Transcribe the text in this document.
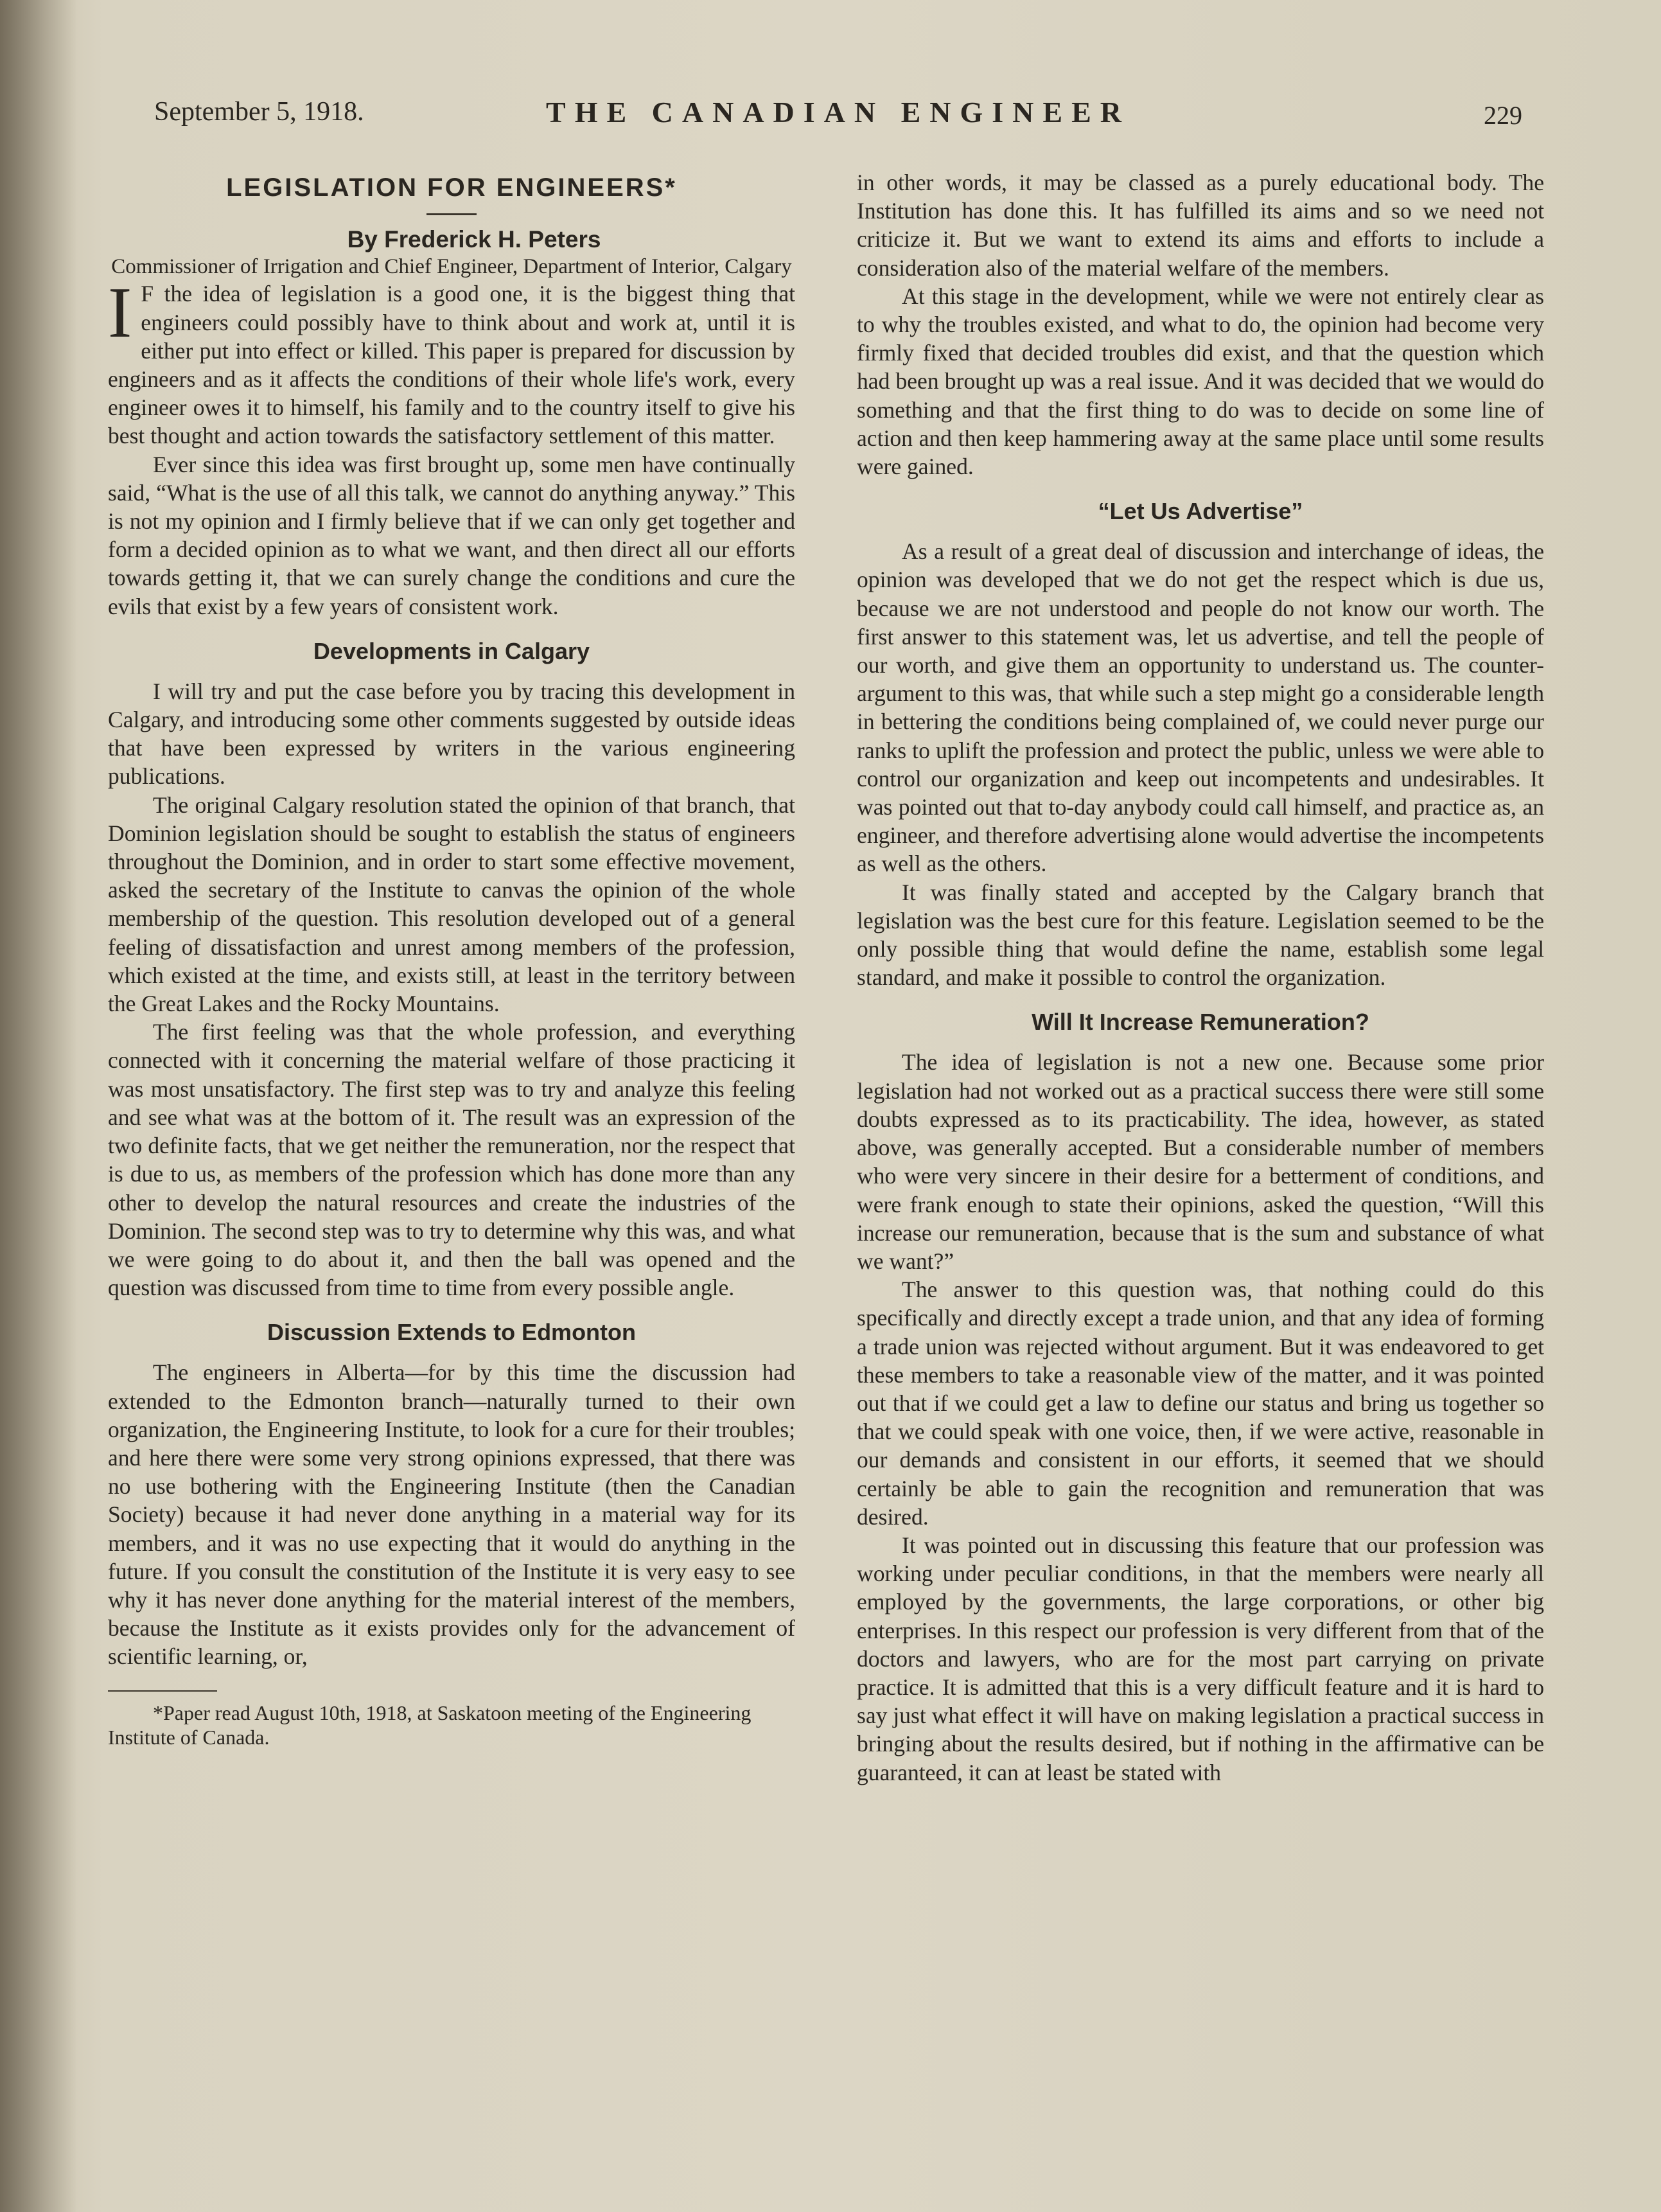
September 5, 1918.	THE CANADIAN ENGINEER	229
LEGISLATION FOR ENGINEERS*

By Frederick H. Peters

Commissioner of Irrigation and Chief Engineer, Department of Interior, Calgary

I F the idea of legislation is a good one, it is the biggest thing that engineers could possibly have to think about and work at, until it is either put into effect or killed. This paper is prepared for discussion by engineers and as it affects the conditions of their whole life's work, every engineer owes it to himself, his family and to the country itself to give his best thought and action towards the satisfactory settlement of this matter.

Ever since this idea was first brought up, some men have continually said, “What is the use of all this talk, we cannot do anything anyway.” This is not my opinion and I firmly believe that if we can only get together and form a decided opinion as to what we want, and then direct all our efforts towards getting it, that we can surely change the conditions and cure the evils that exist by a few years of consistent work.

Developments in Calgary

I will try and put the case before you by tracing this development in Calgary, and introducing some other comments suggested by outside ideas that have been expressed by writers in the various engineering publications.

The original Calgary resolution stated the opinion of that branch, that Dominion legislation should be sought to establish the status of engineers throughout the Dominion, and in order to start some effective movement, asked the secretary of the Institute to canvas the opinion of the whole membership of the question. This resolution developed out of a general feeling of dissatisfaction and unrest among members of the profession, which existed at the time, and exists still, at least in the territory between the Great Lakes and the Rocky Mountains.

The first feeling was that the whole profession, and everything connected with it concerning the material welfare of those practicing it was most unsatisfactory. The first step was to try and analyze this feeling and see what was at the bottom of it. The result was an expression of the two definite facts, that we get neither the remuneration, nor the respect that is due to us, as members of the profession which has done more than any other to develop the natural resources and create the industries of the Dominion. The second step was to try to determine why this was, and what we were going to do about it, and then the ball was opened and the question was discussed from time to time from every possible angle.

Discussion Extends to Edmonton

The engineers in Alberta—for by this time the discussion had extended to the Edmonton branch—naturally turned to their own organization, the Engineering Institute, to look for a cure for their troubles; and here there were some very strong opinions expressed, that there was no use bothering with the Engineering Institute (then the Canadian Society) because it had never done anything in a material way for its members, and it was no use expecting that it would do anything in the future. If you consult the constitution of the Institute it is very easy to see why it has never done anything for the material interest of the members, because the Institute as it exists provides only for the advancement of scientific learning, or,

*Paper read August 10th, 1918, at Saskatoon meeting of the Engineering Institute of Canada.

in other words, it may be classed as a purely educational body. The Institution has done this. It has fulfilled its aims and so we need not criticize it. But we want to extend its aims and efforts to include a consideration also of the material welfare of the members.

At this stage in the development, while we were not entirely clear as to why the troubles existed, and what to do, the opinion had become very firmly fixed that decided troubles did exist, and that the question which had been brought up was a real issue. And it was decided that we would do something and that the first thing to do was to decide on some line of action and then keep hammering away at the same place until some results were gained.

“Let Us Advertise”

As a result of a great deal of discussion and interchange of ideas, the opinion was developed that we do not get the respect which is due us, because we are not understood and people do not know our worth. The first answer to this statement was, let us advertise, and tell the people of our worth, and give them an opportunity to understand us. The counter-argument to this was, that while such a step might go a considerable length in bettering the conditions being complained of, we could never purge our ranks to uplift the profession and protect the public, unless we were able to control our organization and keep out incompetents and undesirables. It was pointed out that to-day anybody could call himself, and practice as, an engineer, and therefore advertising alone would advertise the incompetents as well as the others.

It was finally stated and accepted by the Calgary branch that legislation was the best cure for this feature. Legislation seemed to be the only possible thing that would define the name, establish some legal standard, and make it possible to control the organization.

Will It Increase Remuneration?

The idea of legislation is not a new one. Because some prior legislation had not worked out as a practical success there were still some doubts expressed as to its practicability. The idea, however, as stated above, was generally accepted. But a considerable number of members who were very sincere in their desire for a betterment of conditions, and were frank enough to state their opinions, asked the question, “Will this increase our remuneration, because that is the sum and substance of what we want?”

The answer to this question was, that nothing could do this specifically and directly except a trade union, and that any idea of forming a trade union was rejected without argument. But it was endeavored to get these members to take a reasonable view of the matter, and it was pointed out that if we could get a law to define our status and bring us together so that we could speak with one voice, then, if we were active, reasonable in our demands and consistent in our efforts, it seemed that we should certainly be able to gain the recognition and remuneration that was desired.

It was pointed out in discussing this feature that our profession was working under peculiar conditions, in that the members were nearly all employed by the governments, the large corporations, or other big enterprises. In this respect our profession is very different from that of the doctors and lawyers, who are for the most part carrying on private practice. It is admitted that this is a very difficult feature and it is hard to say just what effect it will have on making legislation a practical success in bringing about the results desired, but if nothing in the affirmative can be guaranteed, it can at least be stated with
